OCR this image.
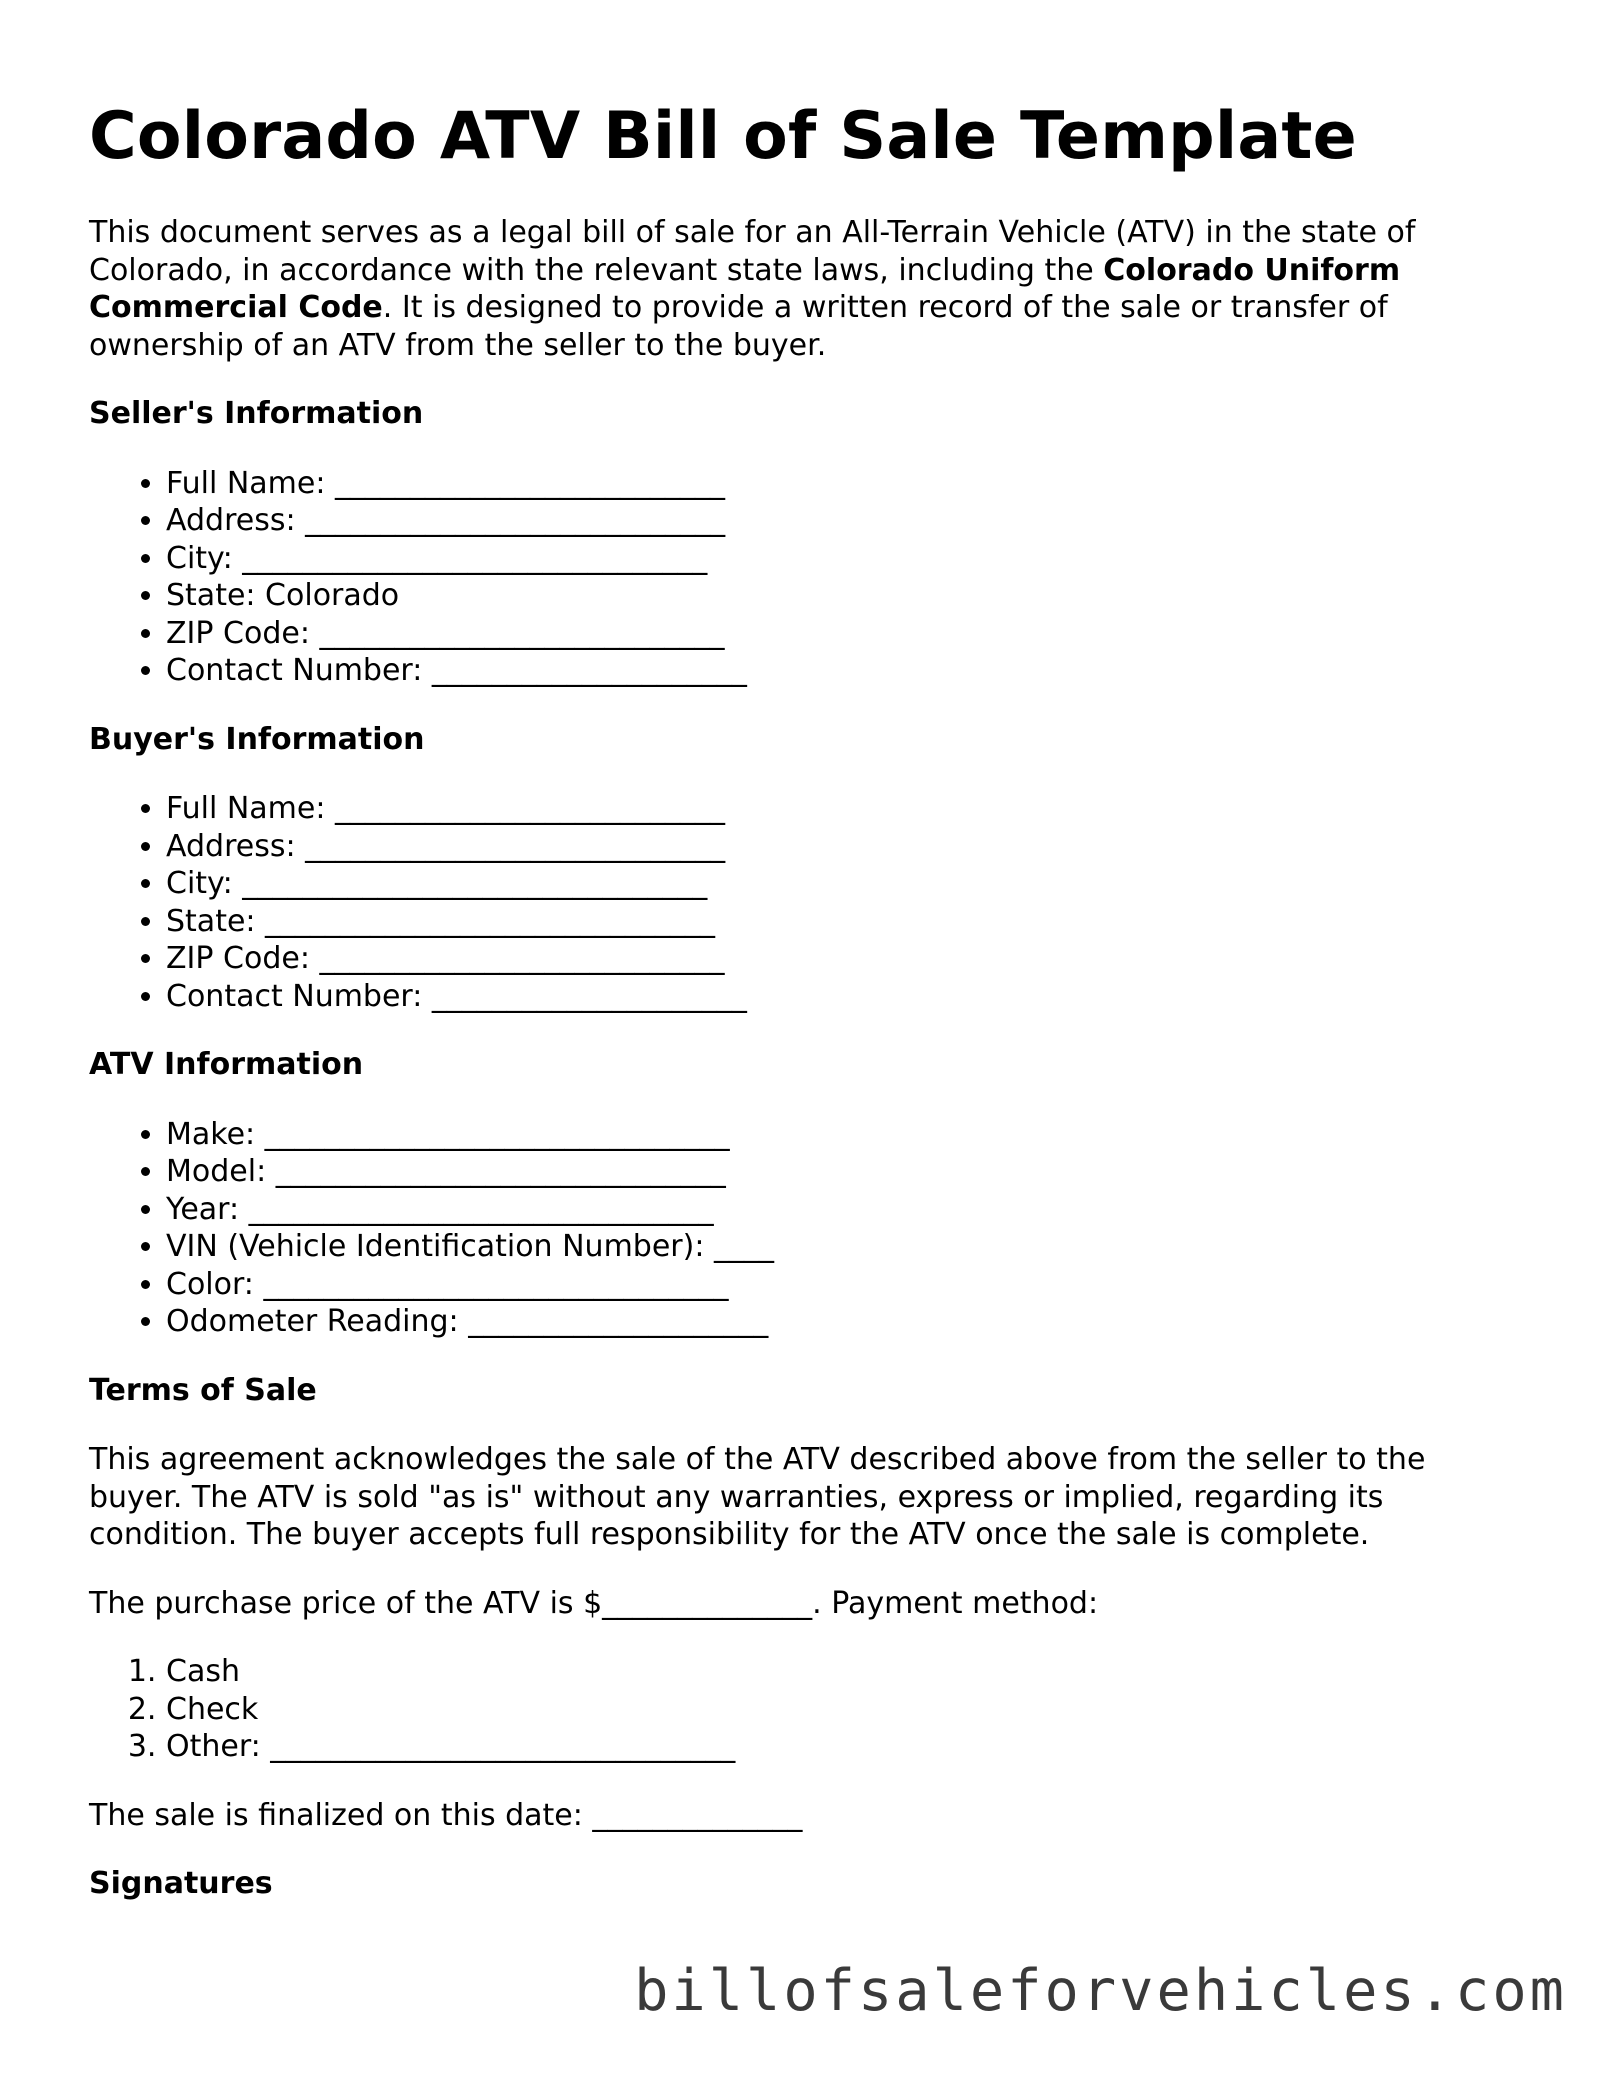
Colorado ATV Bill of Sale Template

This document serves as a legal bill of sale for an All-Terrain Vehicle (ATV) in the state of Colorado, in accordance with the relevant state laws, including the Colorado Uniform Commercial Code. It is designed to provide a written record of the sale or transfer of ownership of an ATV from the seller to the buyer.

Seller's Information
• Full Name: __________________________
• Address: ____________________________
• City: _______________________________
• State: Colorado
• ZIP Code: ___________________________
• Contact Number: _____________________
Buyer's Information
• Full Name: __________________________
• Address: ____________________________
• City: _______________________________
• State: ______________________________
• ZIP Code: ___________________________
• Contact Number: _____________________
ATV Information
• Make: _______________________________
• Model: ______________________________
• Year: _______________________________
• VIN (Vehicle Identification Number): ____
• Color: _______________________________
• Odometer Reading: ____________________
Terms of Sale

This agreement acknowledges the sale of the ATV described above from the seller to the buyer. The ATV is sold "as is" without any warranties, express or implied, regarding its condition. The buyer accepts full responsibility for the ATV once the sale is complete.

The purchase price of the ATV is $______________. Payment method:

1. Cash
2. Check
3. Other: _______________________________

The sale is finalized on this date: ______________

Signatures
billofsaleforvehicles.com
